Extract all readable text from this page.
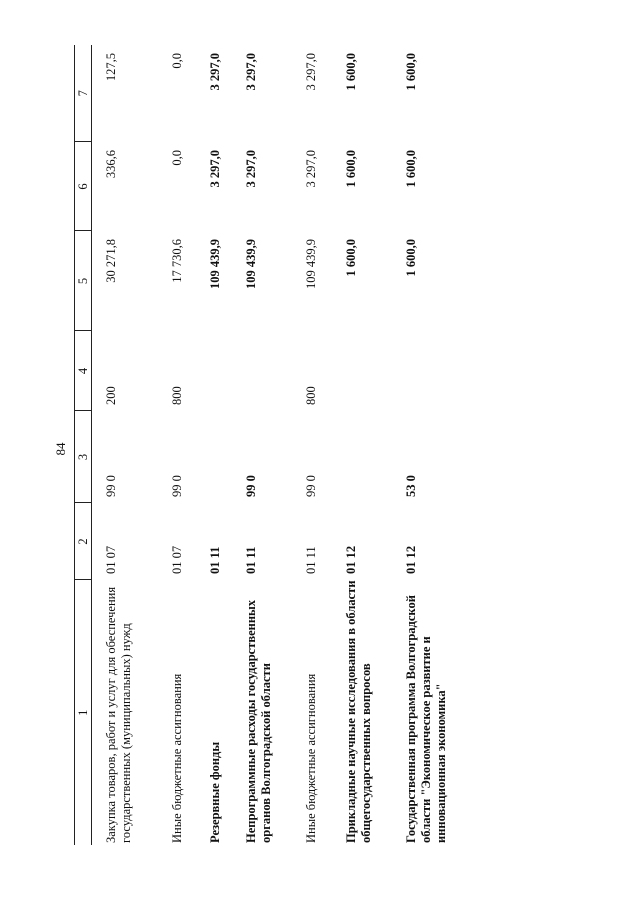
84
1	2	3	4	5	6	7
Закупка товаров, работ и услуг для обеспечения государственных (муниципальных) нужд	01 07	99 0	200	30 271,8	336,6	127,5
Иные бюджетные ассигнования	01 07	99 0	800	17 730,6	0,0	0,0
Резервные фонды	01 11			109 439,9	3 297,0	3 297,0
Непрограммные расходы государственных органов Волгоградской области	01 11	99 0		109 439,9	3 297,0	3 297,0
Иные бюджетные ассигнования	01 11	99 0	800	109 439,9	3 297,0	3 297,0
Прикладные научные исследования в области общегосударственных вопросов	01 12			1 600,0	1 600,0	1 600,0
Государственная программа Волгоградской области "Экономическое развитие и инновационная экономика"	01 12	53 0		1 600,0	1 600,0	1 600,0
